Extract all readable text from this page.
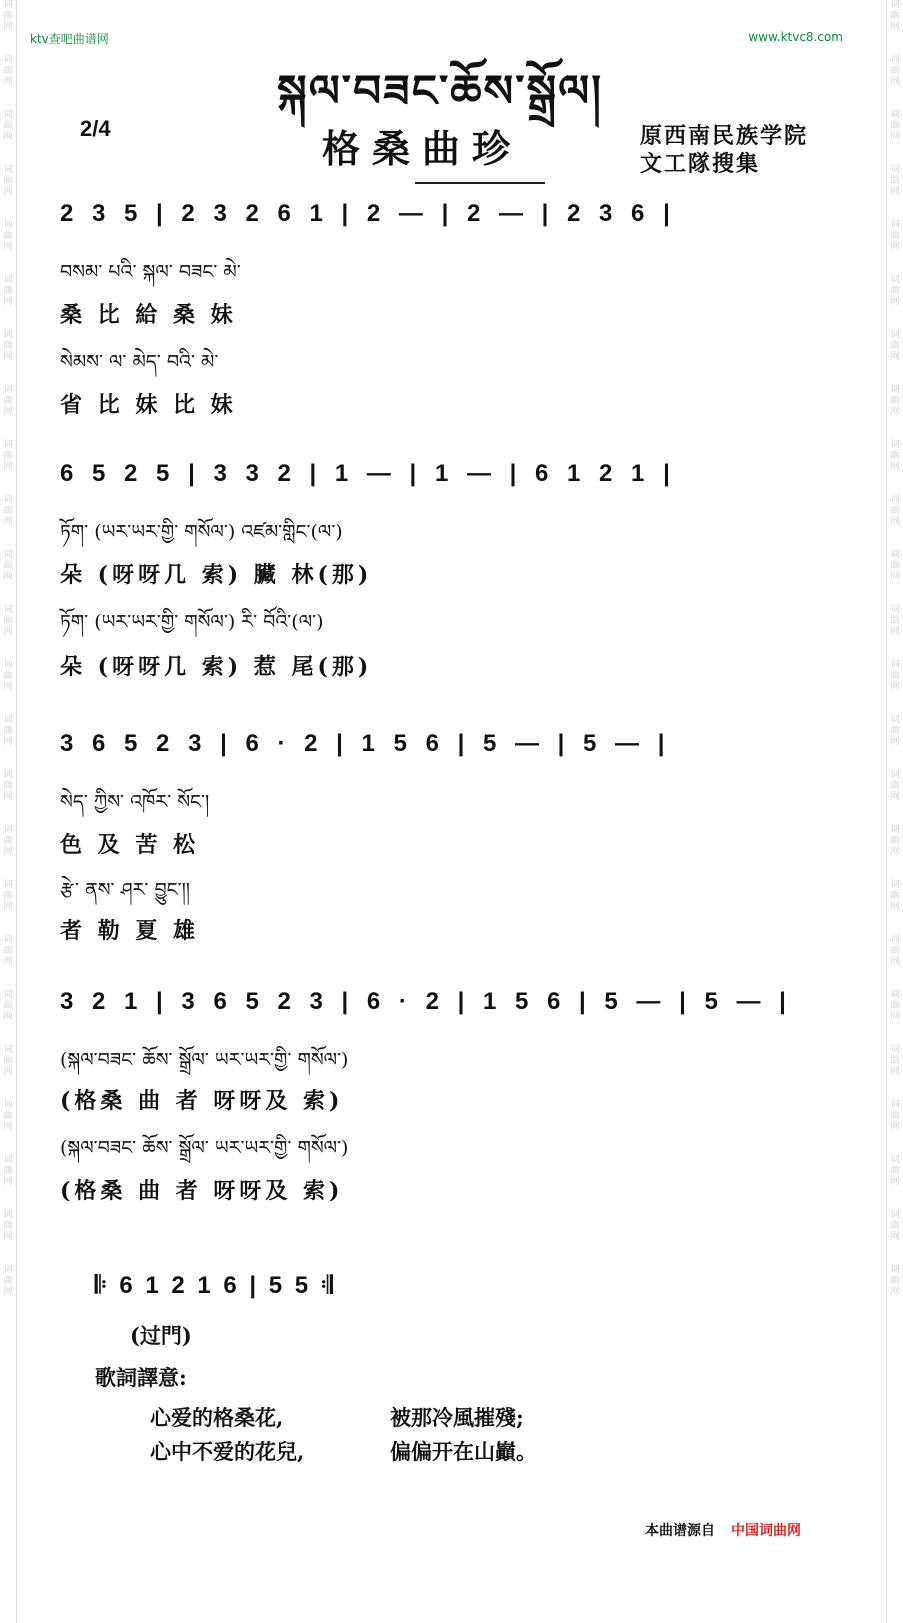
词曲网
词曲网
词曲网
词曲网
词曲网
词曲网
词曲网
词曲网
词曲网
词曲网
词曲网
词曲网
词曲网
词曲网
词曲网
词曲网
词曲网
词曲网
词曲网
词曲网
词曲网
词曲网
词曲网
词曲网
词曲网
词曲网
词曲网
词曲网
词曲网
词曲网
词曲网
词曲网
词曲网
词曲网
词曲网
词曲网
词曲网
词曲网
词曲网
词曲网
词曲网
词曲网
词曲网
词曲网
词曲网
词曲网
词曲网
词曲网
ktv查吧曲谱网	www.ktvc8.com
སྐལ་བཟང་ཆོས་སྒྲོལ།
2/4	格桑曲珍	原西南民族学院
文工隊搜集
2 3 5 | 2 3 2 6 1 | 2 — | 2 — | 2 3 6 |
བསམ་ པའི་ སྐལ་ བཟང་ མེ་
桑 比 給 桑 妹
སེམས་ ལ་ མེད་ བའི་ མེ་
省 比 妹 比 妹
6 5 2 5 | 3 3 2 | 1 — | 1 — | 6 1 2 1 |
ཏོག་ (ཡར་ཡར་གྱི་ གསོལ་) འཛམ་གླིང་(ལ་)
朵 (呀呀几 索) 臟 林(那)
ཏོག་ (ཡར་ཡར་གྱི་ གསོལ་) རི་ བོའི་(ལ་)
朵 (呀呀几 索) 惹 尾(那)
3 6 5 2 3 | 6 · 2 | 1 5 6 | 5 — | 5 — |
སེད་ ཀྱིས་ འཁོར་ སོང་།
色 及 苦 松
རྩེ་ ནས་ ཤར་ བྱུང་།།
者 勒 夏 雄
3 2 1 | 3 6 5 2 3 | 6 · 2 | 1 5 6 | 5 — | 5 — |
(སྐལ་བཟང་ ཆོས་ སྒྲོལ་ ཡར་ཡར་གྱི་ གསོལ་)
(格桑 曲 者 呀呀及 索)
(སྐལ་བཟང་ ཆོས་ སྒྲོལ་ ཡར་ཡར་གྱི་ གསོལ་)
(格桑 曲 者 呀呀及 索)
𝄆 6 1 2 1 6 | 5 5 𝄇
(过門)
歌詞譯意:
心爱的格桑花,	被那冷風摧殘;
心中不爱的花兒,	偏偏开在山巓。
本曲谱源自 中国词曲网
